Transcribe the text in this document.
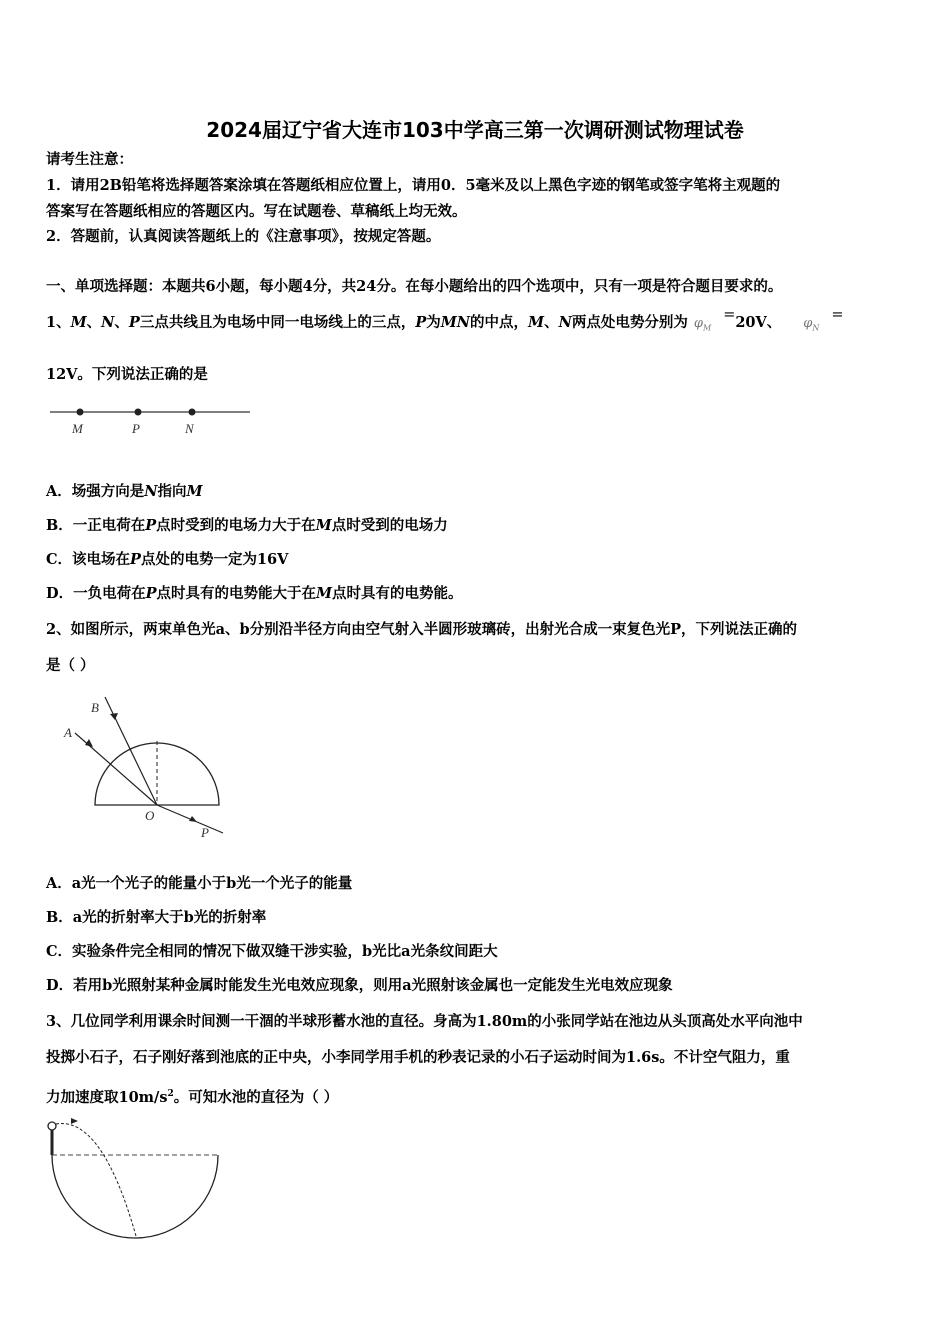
2024届辽宁省大连市103中学高三第一次调研测试物理试卷
请考生注意：
1．请用2B铅笔将选择题答案涂填在答题纸相应位置上，请用0．5毫米及以上黑色字迹的钢笔或签字笔将主观题的
答案写在答题纸相应的答题区内。写在试题卷、草稿纸上均无效。
2．答题前，认真阅读答题纸上的《注意事项》，按规定答题。
一、单项选择题：本题共6小题，每小题4分，共24分。在每小题给出的四个选项中，只有一项是符合题目要求的。
1、M、N、P三点共线且为电场中同一电场线上的三点，P为MN的中点，M、N两点处电势分别为 $\varphi_M=20V$、 $\varphi_N=$
12V。下列说法正确的是
M	P	N
A．场强方向是N指向M
B．一正电荷在P点时受到的电场力大于在M点时受到的电场力
C．该电场在P点处的电势一定为16V
D．一负电荷在P点时具有的电势能大于在M点时具有的电势能。
2、如图所示，两束单色光a、b分别沿半径方向由空气射入半圆形玻璃砖，出射光合成一束复色光P，下列说法正确的
是（ ）
A
B
O
P
A．a光一个光子的能量小于b光一个光子的能量
B．a光的折射率大于b光的折射率
C．实验条件完全相同的情况下做双缝干涉实验，b光比a光条纹间距大
D．若用b光照射某种金属时能发生光电效应现象，则用a光照射该金属也一定能发生光电效应现象
3、几位同学利用课余时间测一干涸的半球形蓄水池的直径。身高为1.80m的小张同学站在池边从头顶高处水平向池中
投掷小石子，石子刚好落到池底的正中央，小李同学用手机的秒表记录的小石子运动时间为1.6s。不计空气阻力，重
力加速度取$10m/s^2$。可知水池的直径为（ ）
